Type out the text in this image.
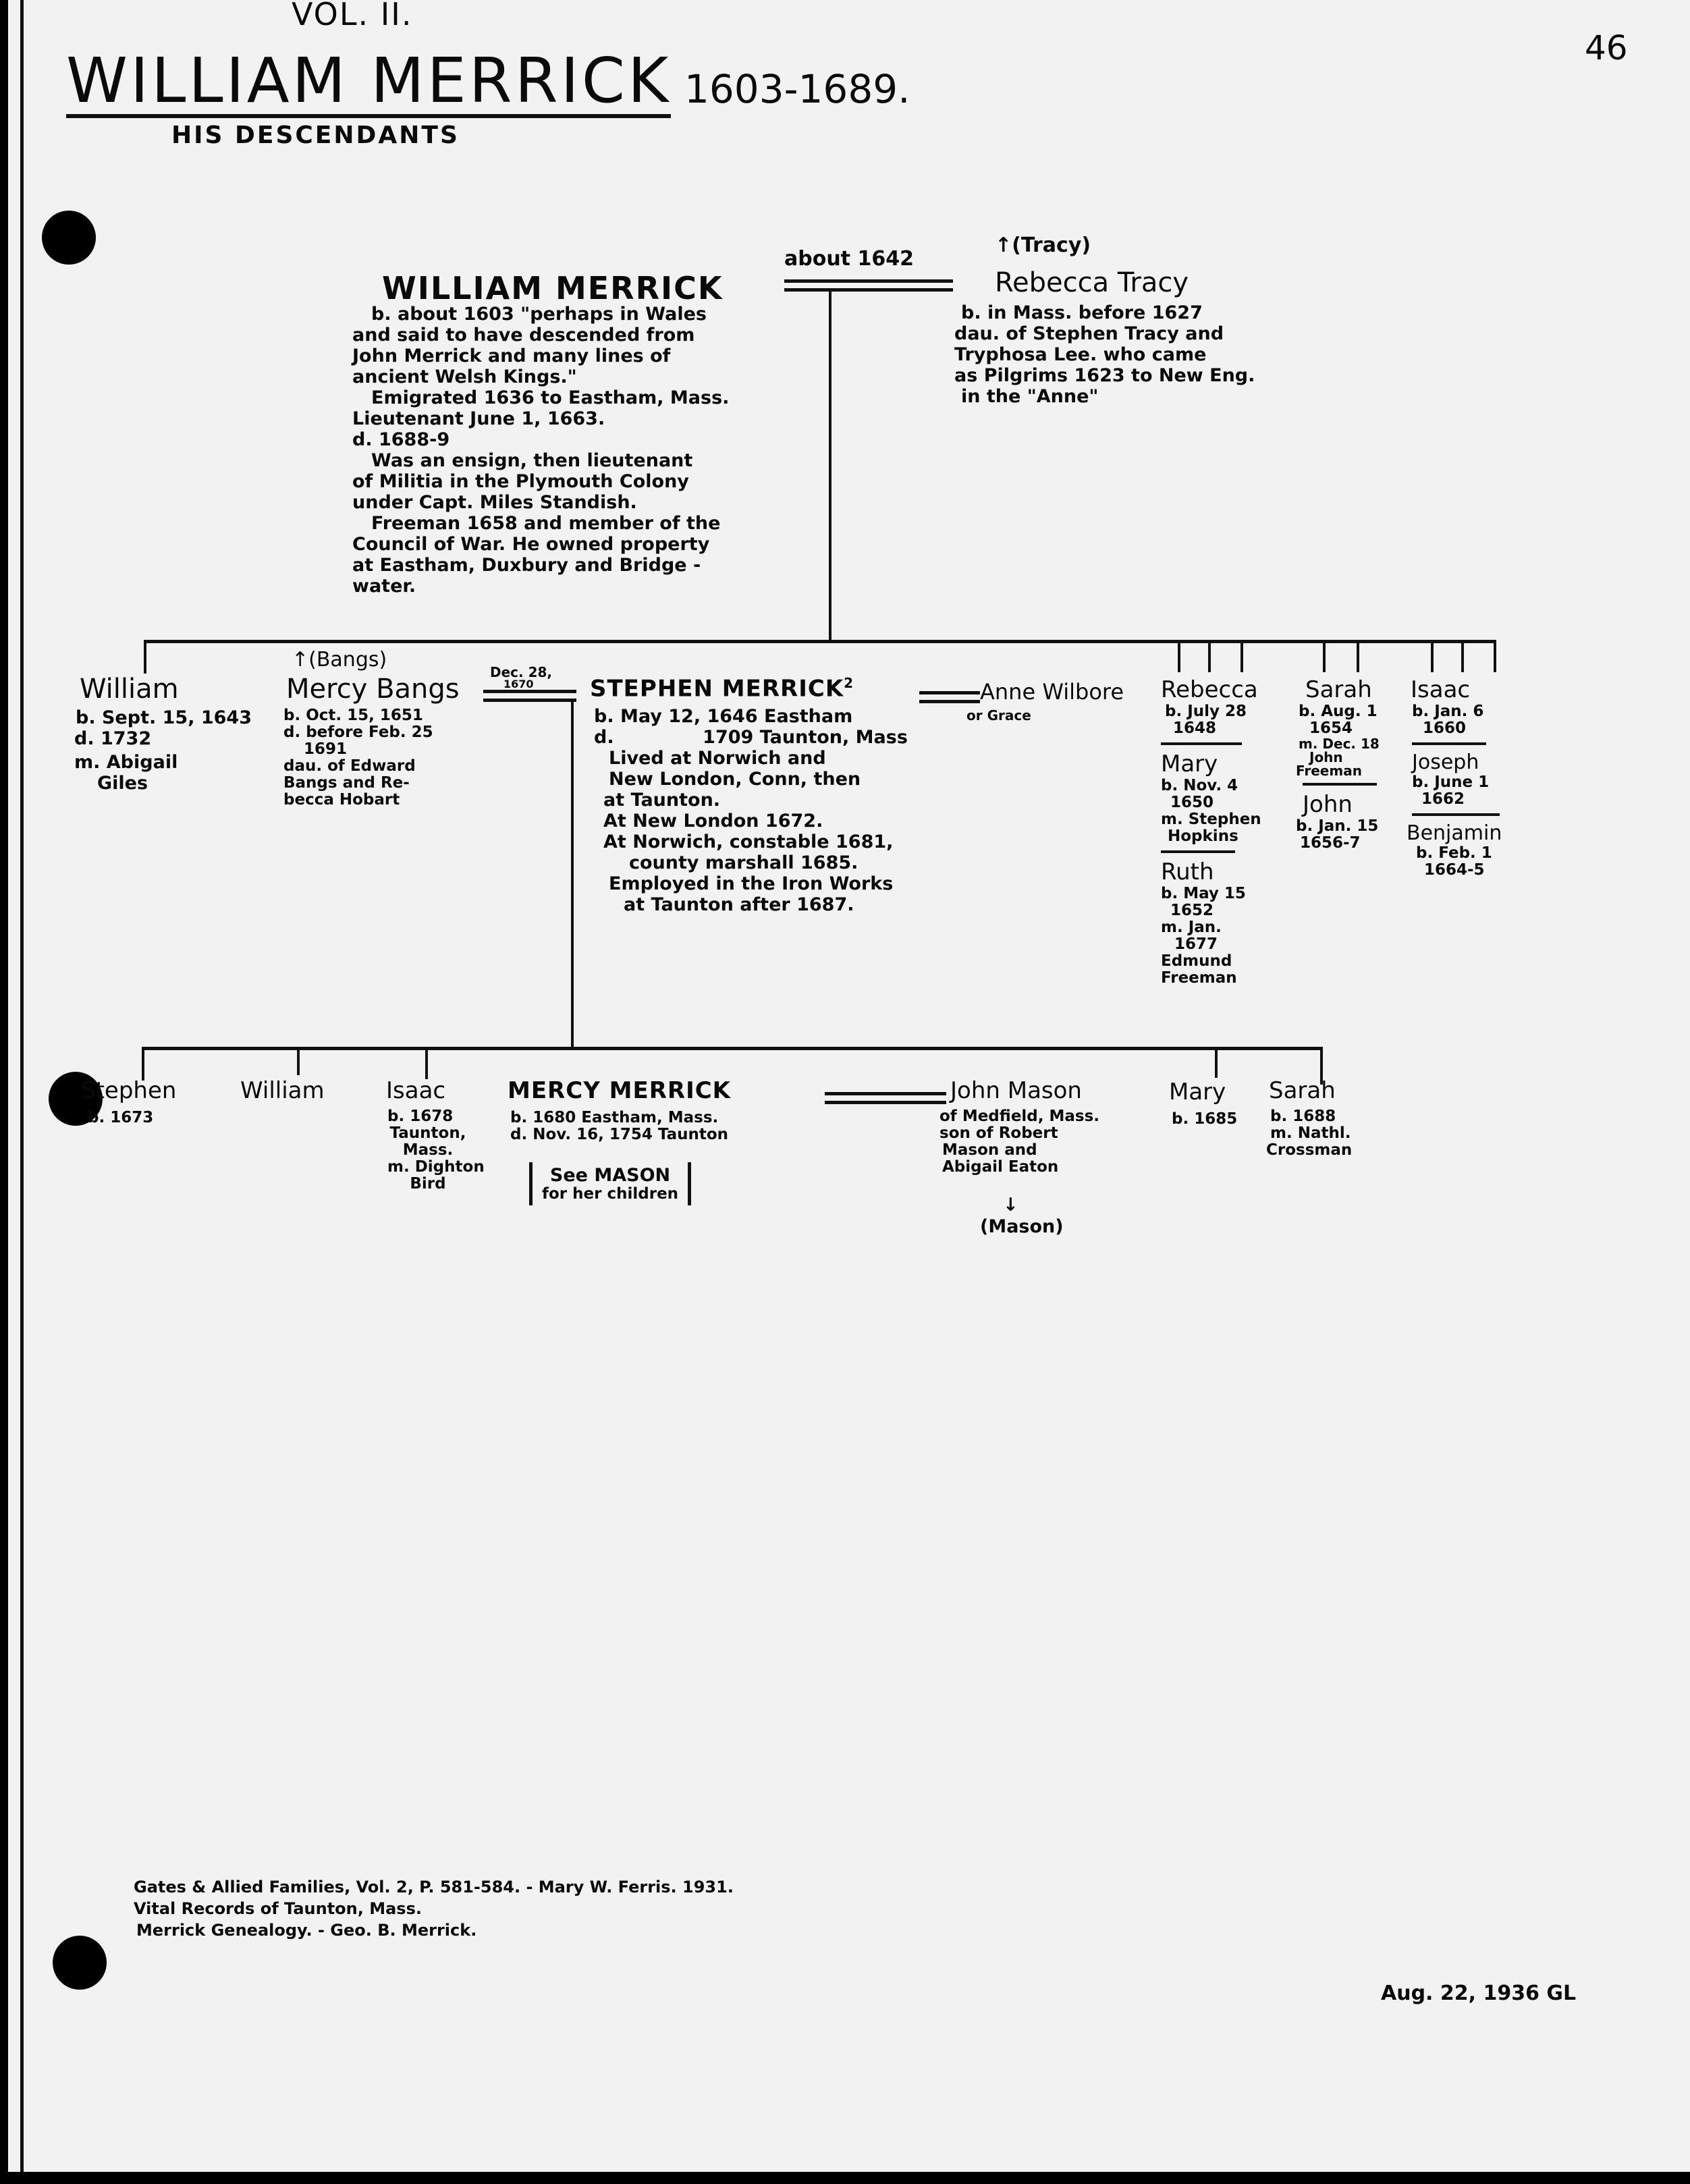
VOL. II.
WILLIAM MERRICK 1603-1689.
HIS DESCENDANTS
46
WILLIAM MERRICK
about 1642
b. about 1603 "perhaps in Wales
and said to have descended from
John Merrick and many lines of
ancient Welsh Kings."
Emigrated 1636 to Eastham, Mass.
Lieutenant June 1, 1663.
d. 1688-9
Was an ensign, then lieutenant
of Militia in the Plymouth Colony
under Capt. Miles Standish.
Freeman 1658 and member of the
Council of War. He owned property
at Eastham, Duxbury and Bridge -
water.
↑(Tracy)
Rebecca Tracy
b. in Mass. before 1627
dau. of Stephen Tracy and
Tryphosa Lee. who came
as Pilgrims 1623 to New Eng.
in the "Anne"
William
b. Sept. 15, 1643
d. 1732
m. Abigail
Giles
↑(Bangs)
Mercy Bangs
b. Oct. 15, 1651
d. before Feb. 25
1691
dau. of Edward
Bangs and Re-
becca Hobart
Dec. 28,
1670 STEPHEN MERRICK$^2$
b. May 12, 1646 Eastham
d.              1709 Taunton, Mass
Lived at Norwich and
New London, Conn, then
at Taunton.
At New London 1672.
At Norwich, constable 1681,
county marshall 1685.
Employed in the Iron Works
at Taunton after 1687.
Anne Wilbore
or Grace
Rebecca
b. July 28
1648
Mary
b. Nov. 4
1650
m. Stephen
Hopkins
Ruth
b. May 15
1652
m. Jan.
1677
Edmund
Freeman
Sarah
b. Aug. 1
1654
m. Dec. 18
John
Freeman
John
b. Jan. 15
1656-7
Isaac
b. Jan. 6
1660
Joseph
b. June 1
1662
Benjamin
b. Feb. 1
1664-5
Stephen
b. 1673
William	Isaac
b. 1678
Taunton,
Mass.
m. Dighton
Bird
MERCY MERRICK
b. 1680 Eastham, Mass.
d. Nov. 16, 1754 Taunton
See MASON
for her children
John Mason
of Medfield, Mass.
son of Robert
Mason and
Abigail Eaton
↓
(Mason)
Mary
b. 1685
Sarah
b. 1688
m. Nathl.
Crossman
Gates & Allied Families, Vol. 2, P. 581-584. - Mary W. Ferris. 1931.
Vital Records of Taunton, Mass.
Merrick Genealogy. - Geo. B. Merrick.
Aug. 22, 1936 GL
